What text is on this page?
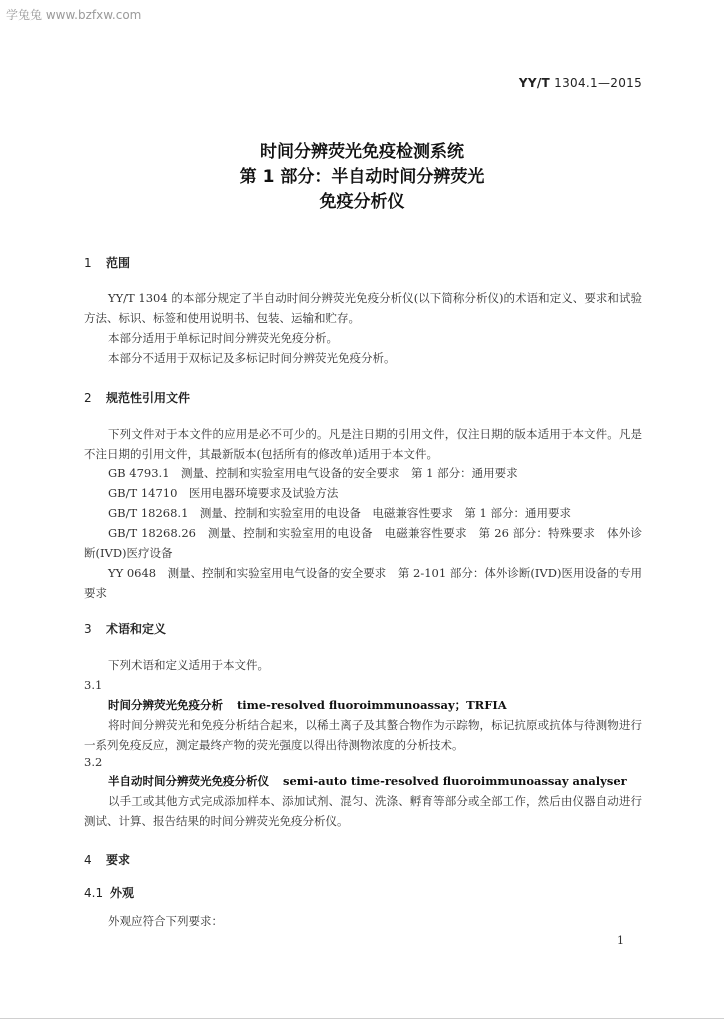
学兔兔 www.bzfxw.com
YY/T 1304.1—2015
时间分辨荧光免疫检测系统
第 1 部分：半自动时间分辨荧光
免疫分析仪
1 范围
YY/T 1304 的本部分规定了半自动时间分辨荧光免疫分析仪(以下简称分析仪)的术语和定义、要求和试验方法、标识、标签和使用说明书、包装、运输和贮存。
本部分适用于单标记时间分辨荧光免疫分析。
本部分不适用于双标记及多标记时间分辨荧光免疫分析。
2 规范性引用文件
下列文件对于本文件的应用是必不可少的。凡是注日期的引用文件，仅注日期的版本适用于本文件。凡是不注日期的引用文件，其最新版本(包括所有的修改单)适用于本文件。
GB 4793.1　测量、控制和实验室用电气设备的安全要求　第 1 部分：通用要求
GB/T 14710　医用电器环境要求及试验方法
GB/T 18268.1　测量、控制和实验室用的电设备　电磁兼容性要求　第 1 部分：通用要求
GB/T 18268.26　测量、控制和实验室用的电设备　电磁兼容性要求　第 26 部分：特殊要求　体外诊断(IVD)医疗设备
YY 0648　测量、控制和实验室用电气设备的安全要求　第 2-101 部分：体外诊断(IVD)医用设备的专用要求
3 术语和定义
下列术语和定义适用于本文件。
3.1
时间分辨荧光免疫分析 time-resolved fluoroimmunoassay；TRFIA
将时间分辨荧光和免疫分析结合起来，以稀土离子及其螯合物作为示踪物，标记抗原或抗体与待测物进行一系列免疫反应，测定最终产物的荧光强度以得出待测物浓度的分析技术。
3.2
半自动时间分辨荧光免疫分析仪 semi-auto time-resolved fluoroimmunoassay analyser
以手工或其他方式完成添加样本、添加试剂、混匀、洗涤、孵育等部分或全部工作，然后由仪器自动进行测试、计算、报告结果的时间分辨荧光免疫分析仪。
4 要求
4.1 外观
外观应符合下列要求：
1
